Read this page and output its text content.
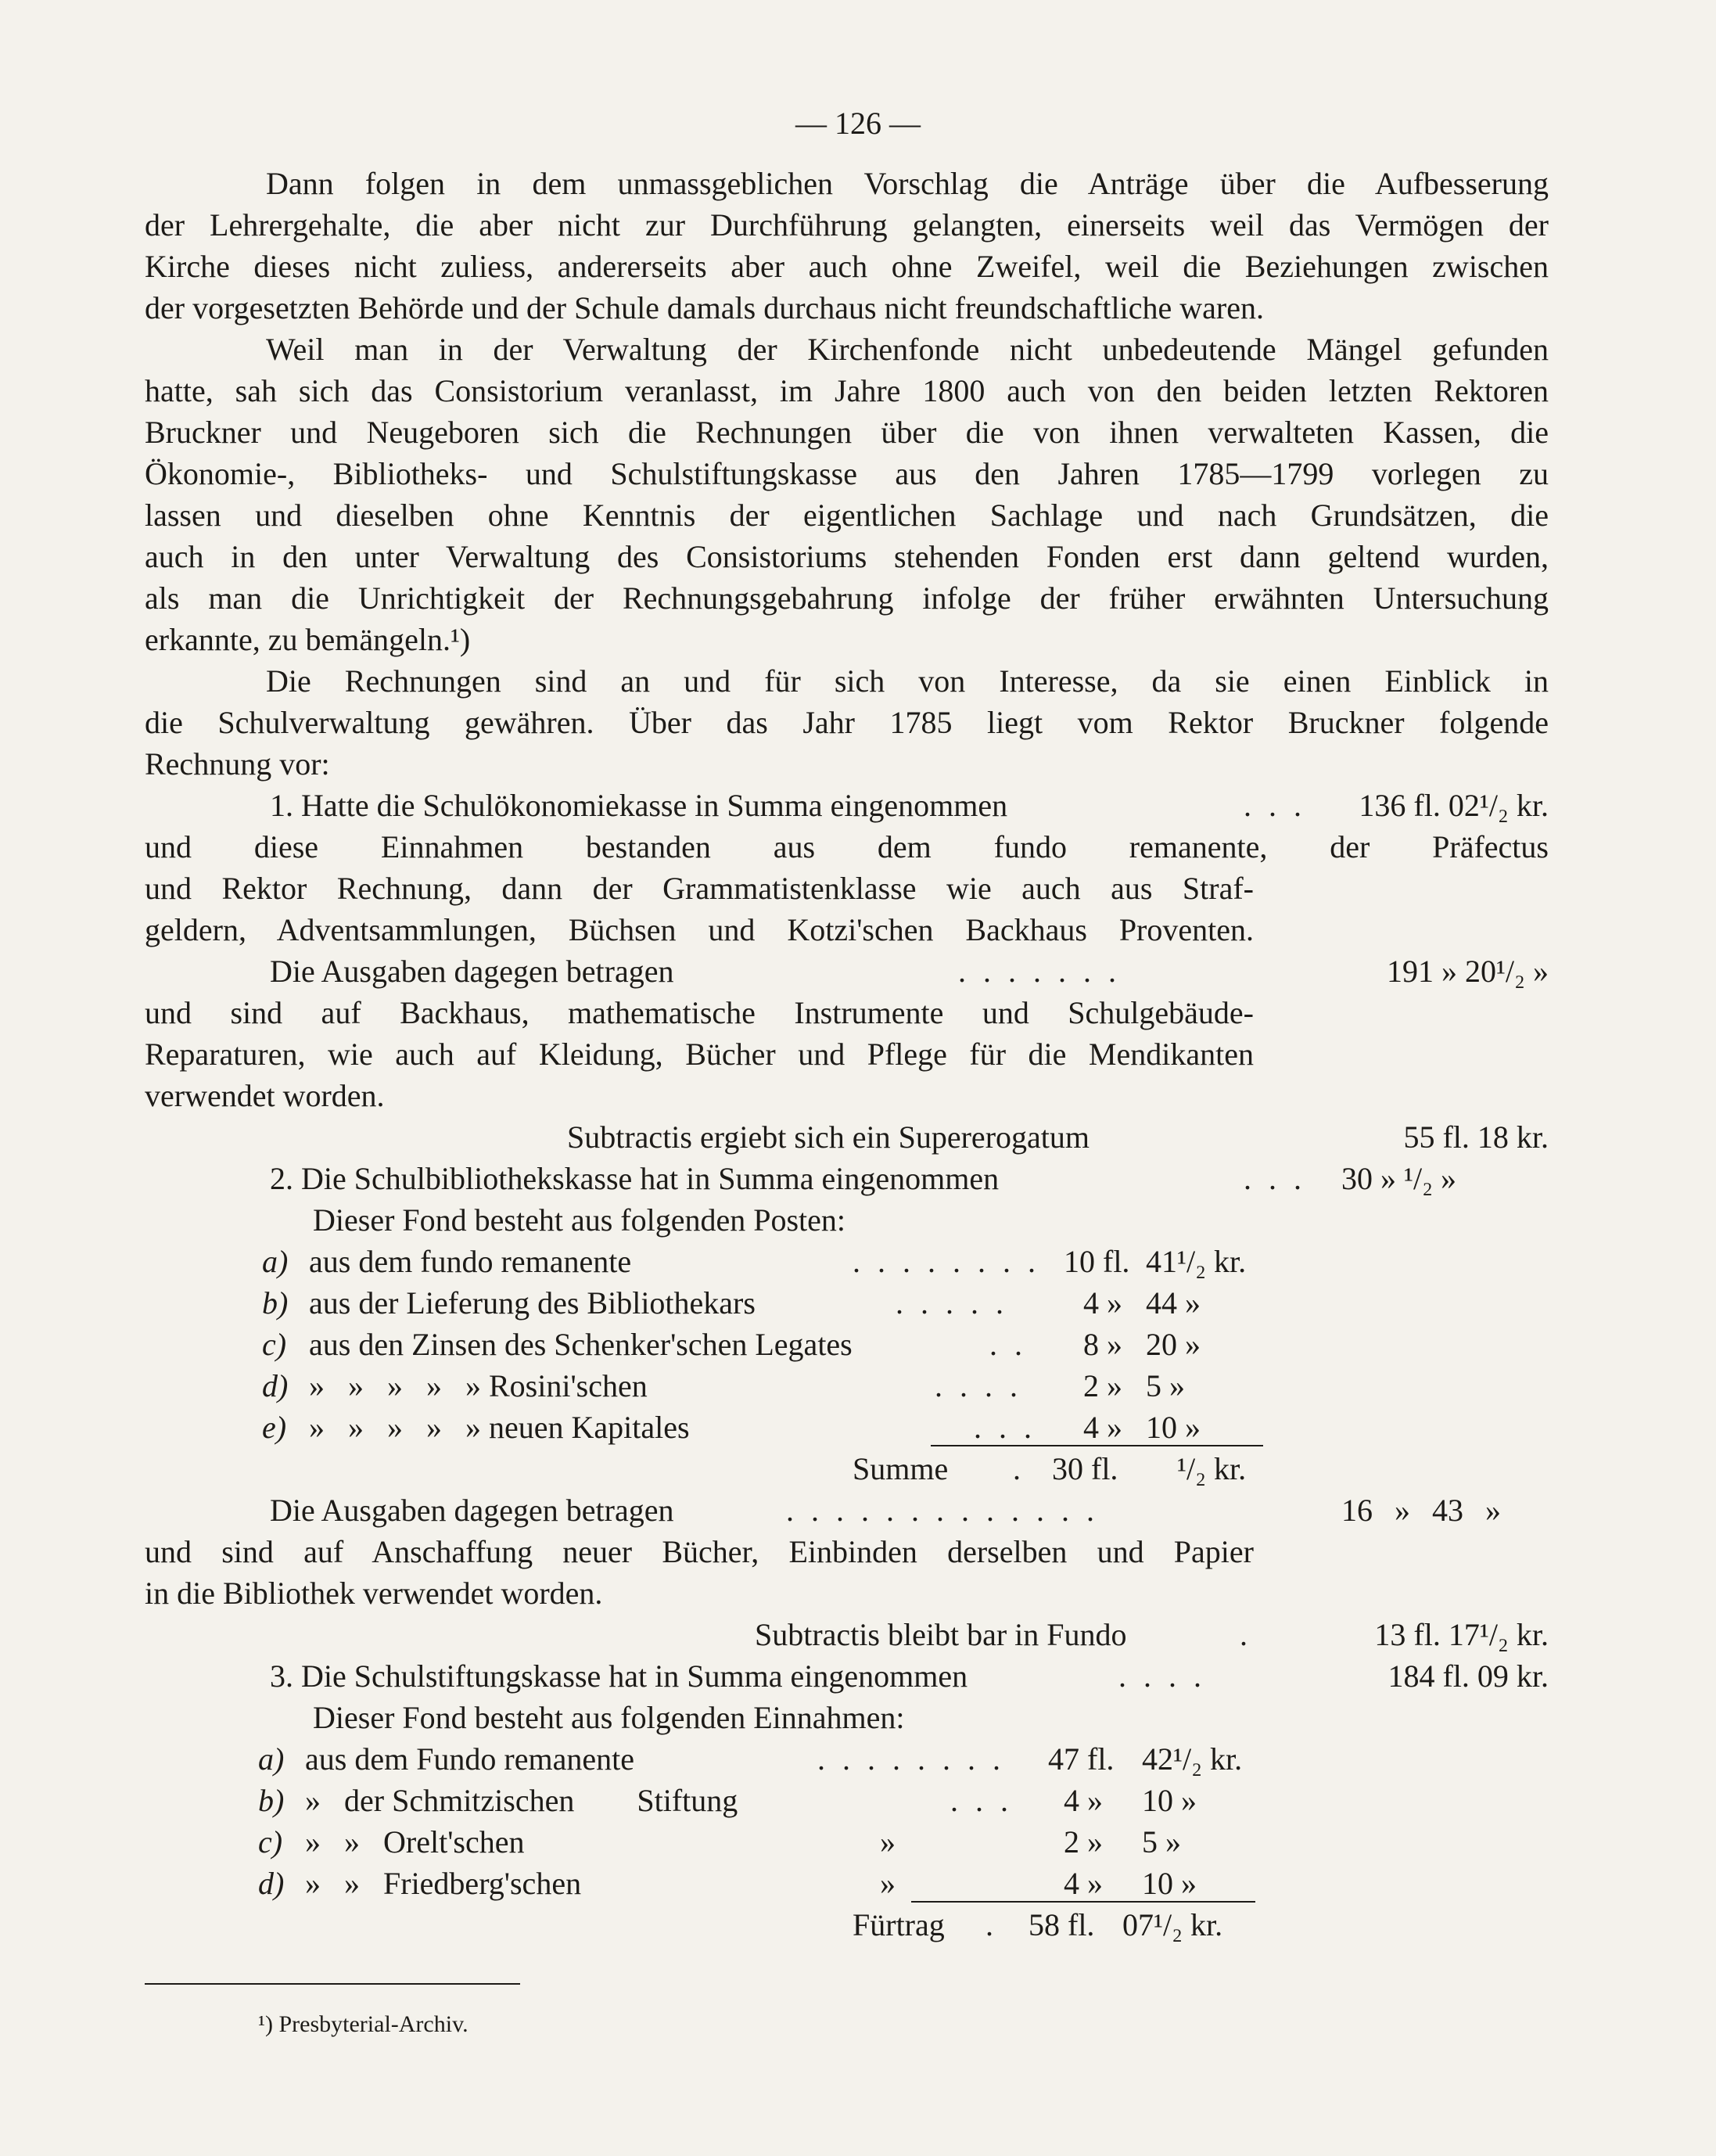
— 126 —

Dann folgen in dem unmassgeblichen Vorschlag die Anträge über die Aufbesserung

der Lehrergehalte, die aber nicht zur Durchführung gelangten, einerseits weil das Vermögen der

Kirche dieses nicht zuliess, andererseits aber auch ohne Zweifel, weil die Beziehungen zwischen

der vorgesetzten Behörde und der Schule damals durchaus nicht freundschaftliche waren.

Weil man in der Verwaltung der Kirchenfonde nicht unbedeutende Mängel gefunden

hatte, sah sich das Consistorium veranlasst, im Jahre 1800 auch von den beiden letzten Rektoren

Bruckner und Neugeboren sich die Rechnungen über die von ihnen verwalteten Kassen, die

Ökonomie-, Bibliotheks- und Schulstiftungskasse aus den Jahren 1785—1799 vorlegen zu

lassen und dieselben ohne Kenntnis der eigentlichen Sachlage und nach Grundsätzen, die

auch in den unter Verwaltung des Consistoriums stehenden Fonden erst dann geltend wurden,

als man die Unrichtigkeit der Rechnungsgebahrung infolge der früher erwähnten Untersuchung

erkannte, zu bemängeln.¹)

Die Rechnungen sind an und für sich von Interesse, da sie einen Einblick in

die Schulverwaltung gewähren. Über das Jahr 1785 liegt vom Rektor Bruckner folgende

Rechnung vor:

1. Hatte die Schulökonomiekasse in Summa eingenommen	. . . 136 fl. 02¹/₂ kr.

und diese Einnahmen bestanden aus dem fundo remanente, der Präfectus

und Rektor Rechnung, dann der Grammatistenklasse wie auch aus Straf-

geldern, Adventsammlungen, Büchsen und Kotzi'schen Backhaus Proventen.

Die Ausgaben dagegen betragen	. . . . . . .	191 » 20¹/₂ »

und sind auf Backhaus, mathematische Instrumente und Schulgebäude-

Reparaturen, wie auch auf Kleidung, Bücher und Pflege für die Mendikanten

verwendet worden.

Subtractis ergiebt sich ein Supererogatum	55 fl. 18 kr.
2. Die Schulbibliothekskasse hat in Summa eingenommen	. . . 30 » ¹/₂ »
Dieser Fond besteht aus folgenden Posten:
a) aus dem fundo remanente	. . . . . . . . 10 fl. 41¹/₂ kr.
b) aus der Lieferung des Bibliothekars	. . . . . 4 » 44 »
c) aus den Zinsen des Schenker'schen Legates	. . 8 » 20 »
d) »   »   »   »   » Rosini'schen	. . . . 2 » 5 »
e) »   »   »   »   » neuen Kapitales	. . . 4 » 10 »
Summe . 30 fl. ¹/₂ kr.
Die Ausgaben dagegen betragen	. . . . . . . . . . . . .	16 » 43 »

und sind auf Anschaffung neuer Bücher, Einbinden derselben und Papier

in die Bibliothek verwendet worden.

Subtractis bleibt bar in Fundo	.	13 fl. 17¹/₂ kr.
3. Die Schulstiftungskasse hat in Summa eingenommen	. . . .	184 fl. 09 kr.
Dieser Fond besteht aus folgenden Einnahmen:
a) aus dem Fundo remanente	. . . . . . . . 47 fl. 42¹/₂ kr.
b) »   der Schmitzischen        Stiftung	. . . 4 » 10 »
c) »   »   Orelt'schen	»	2 » 5 »
d) »   »   Friedberg'schen	»	4 » 10 »
Fürtrag . 58 fl. 07¹/₂ kr.
¹) Presbyterial-Archiv.
